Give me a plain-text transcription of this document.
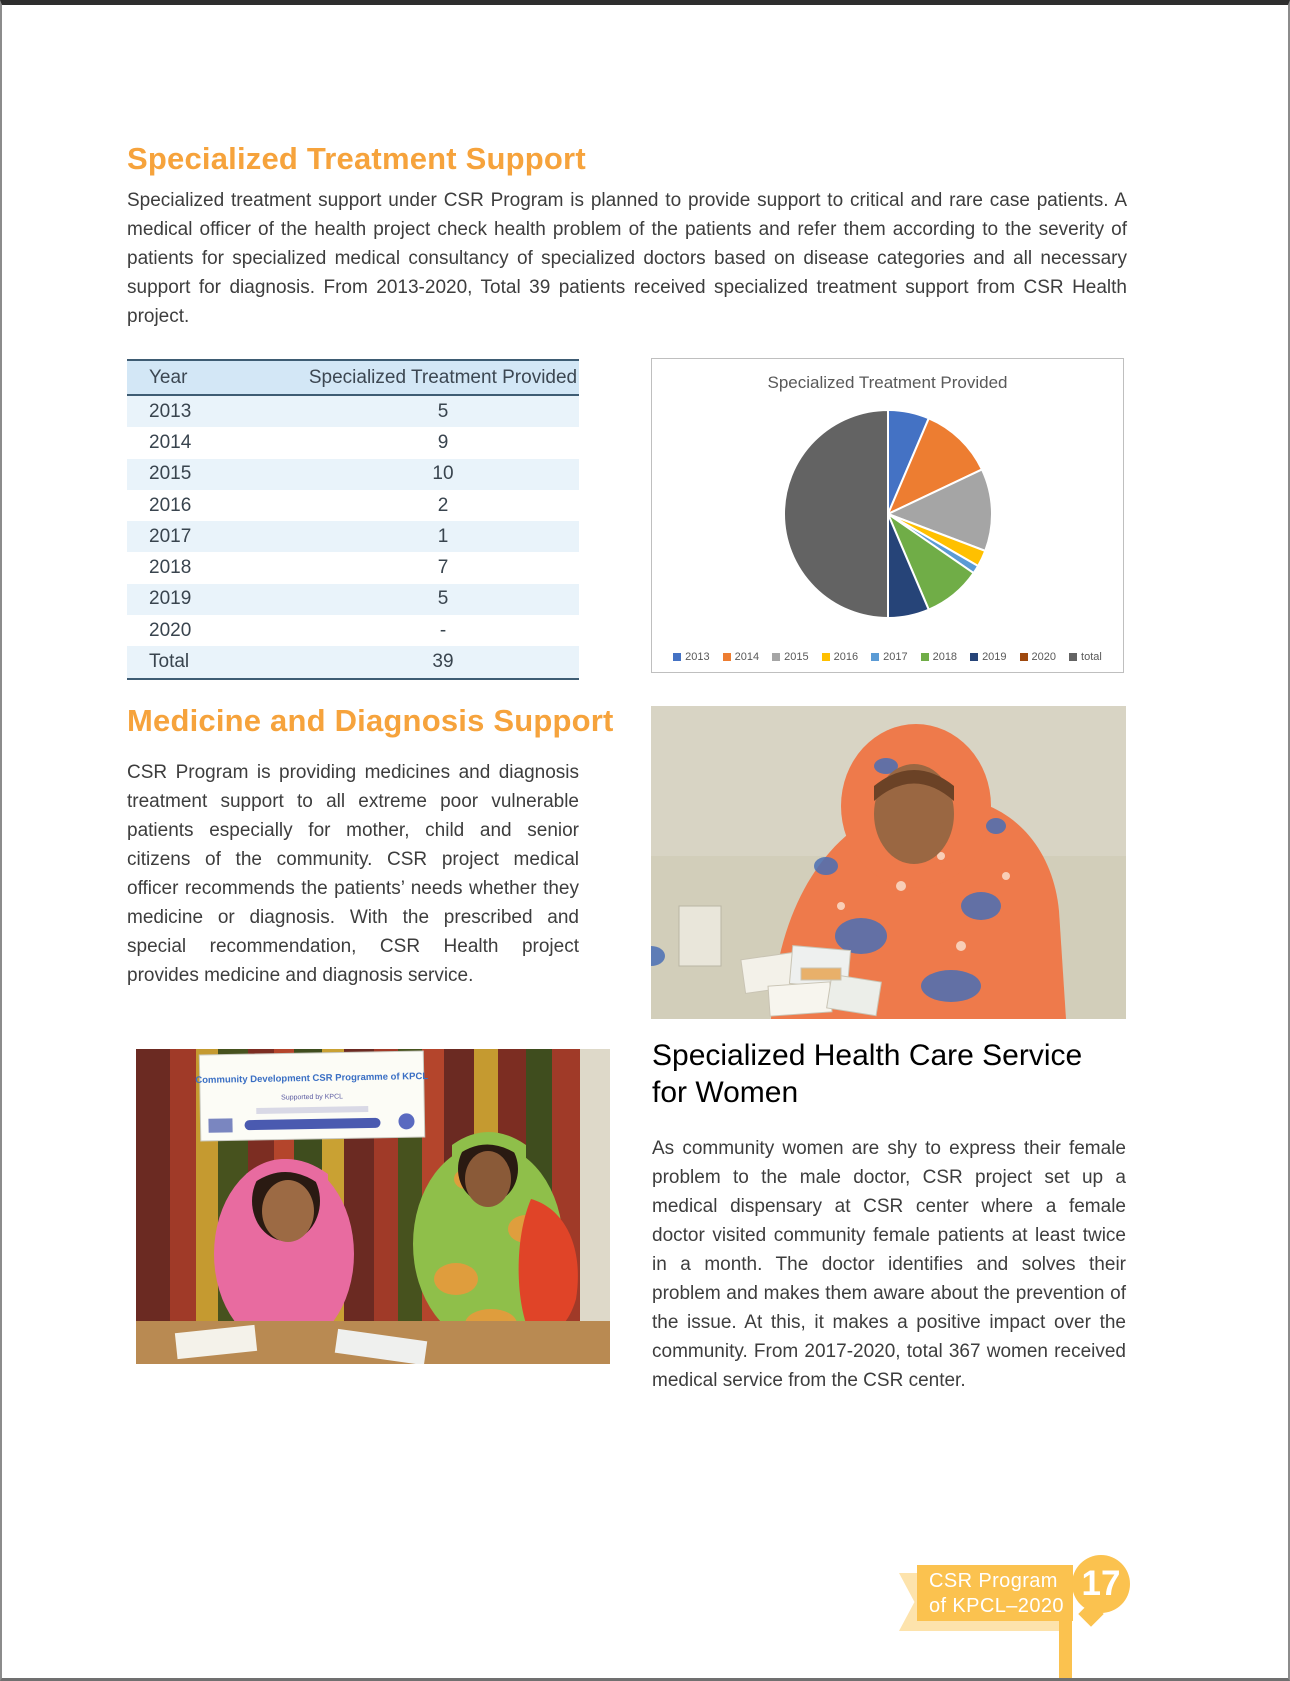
Specialized Treatment Support
Specialized treatment support under CSR Program is planned to provide support to critical and rare case patients. A medical officer of the health project check health problem of the patients and refer them according to the severity of patients for specialized medical consultancy of specialized doctors based on disease categories and all necessary support for diagnosis. From 2013-2020, Total 39 patients received specialized treatment support from CSR Health project.
Year	Specialized Treatment Provided
2013	5
2014	9
2015	10
2016	2
2017	1
2018	7
2019	5
2020	-
Total	39
Specialized Treatment Provided
2013 2014 2015 2016 2017 2018 2019 2020 total
Medicine and Diagnosis Support
CSR Program is providing medicines and diagnosis treatment support to all extreme poor vulnerable patients especially for mother, child and senior citizens of the community. CSR project medical officer recommends the patients’ needs whether they medicine or diagnosis. With the prescribed and special recommendation, CSR Health project provides medicine and diagnosis service.
Community Development CSR Programme of KPCL
Supported by KPCL
Specialized Health Care Service
for Women
As community women are shy to express their female problem to the male doctor, CSR project set up a medical dispensary at CSR center where a female doctor visited community female patients at least twice in a month. The doctor identifies and solves their problem and makes them aware about the prevention of the issue. At this, it makes a positive impact over the community. From 2017-2020, total 367 women received medical service from the CSR center.
CSR Program
of KPCL–2020
17
